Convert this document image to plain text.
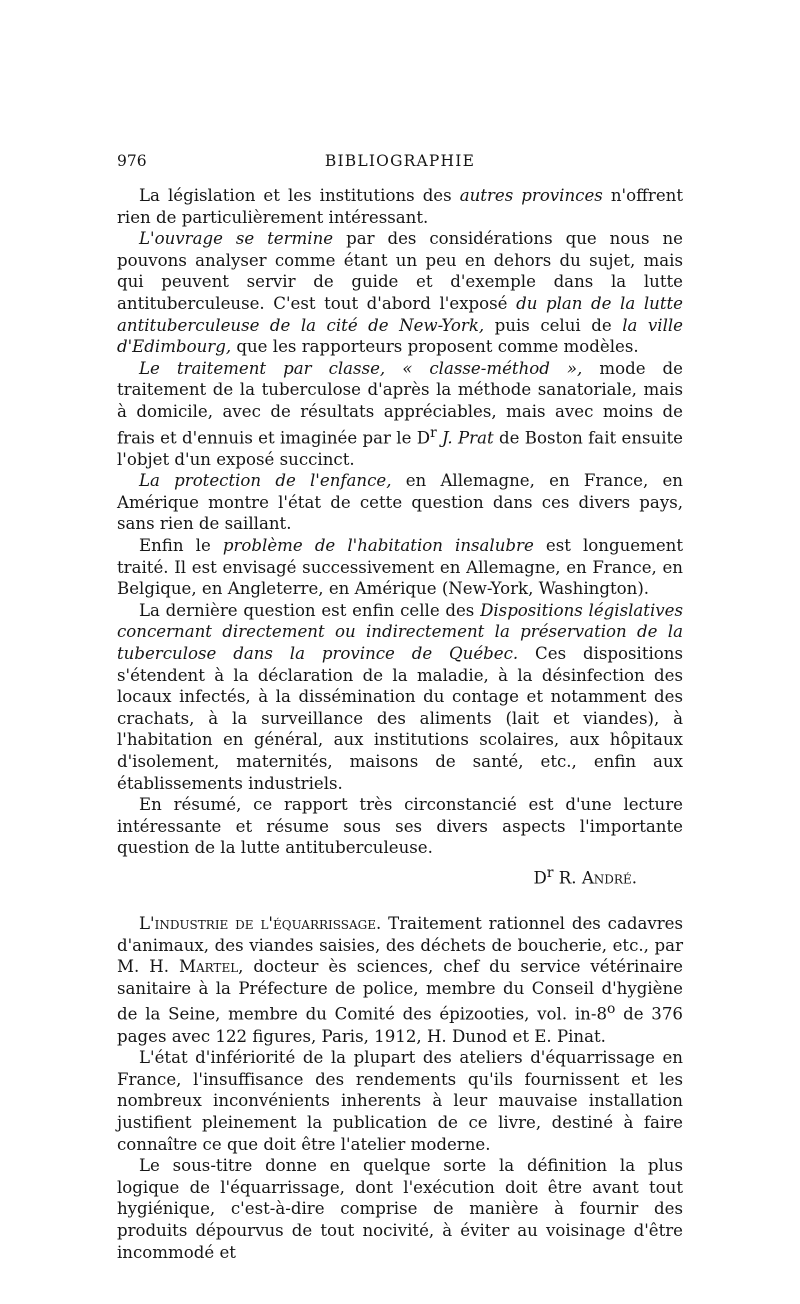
976	BIBLIOGRAPHIE

La législation et les institutions des autres provinces n'offrent rien de particulièrement intéressant.

L'ouvrage se termine par des considérations que nous ne pouvons analyser comme étant un peu en dehors du sujet, mais qui peuvent servir de guide et d'exemple dans la lutte antituberculeuse. C'est tout d'abord l'exposé du plan de la lutte antituberculeuse de la cité de New-York, puis celui de la ville d'Edimbourg, que les rapporteurs proposent comme modèles.

Le traitement par classe, « classe-méthod », mode de traitement de la tuberculose d'après la méthode sanatoriale, mais à domicile, avec de résultats appréciables, mais avec moins de frais et d'ennuis et imaginée par le $D^r$ J. Prat de Boston fait ensuite l'objet d'un exposé succinct.

La protection de l'enfance, en Allemagne, en France, en Amérique montre l'état de cette question dans ces divers pays, sans rien de saillant.

Enfin le problème de l'habitation insalubre est longuement traité. Il est envisagé successivement en Allemagne, en France, en Belgique, en Angleterre, en Amérique (New-York, Washington).

La dernière question est enfin celle des Dispositions législatives concernant directement ou indirectement la préservation de la tuberculose dans la province de Québec. Ces dispositions s'étendent à la déclaration de la maladie, à la désinfection des locaux infectés, à la dissémination du contage et notamment des crachats, à la surveillance des aliments (lait et viandes), à l'habitation en général, aux institutions scolaires, aux hôpitaux d'isolement, maternités, maisons de santé, etc., enfin aux établissements industriels.

En résumé, ce rapport très circonstancié est d'une lecture intéressante et résume sous ses divers aspects l'importante question de la lutte antituberculeuse.

$D^r$ R. André.

L'industrie de l'équarrissage. Traitement rationnel des cadavres d'animaux, des viandes saisies, des déchets de boucherie, etc., par M. H. Martel, docteur ès sciences, chef du service vétérinaire sanitaire à la Préfecture de police, membre du Conseil d'hygiène de la Seine, membre du Comité des épizooties, vol. in-8$^o$ de 376 pages avec 122 figures, Paris, 1912, H. Dunod et E. Pinat.

L'état d'infériorité de la plupart des ateliers d'équarrissage en France, l'insuffisance des rendements qu'ils fournissent et les nombreux inconvénients inherents à leur mauvaise installation justifient pleinement la publication de ce livre, destiné à faire connaître ce que doit être l'atelier moderne.

Le sous-titre donne en quelque sorte la définition la plus logique de l'équarrissage, dont l'exécution doit être avant tout hygiénique, c'est-à-dire comprise de manière à fournir des produits dépourvus de tout nocivité, à éviter au voisinage d'être incommodé et
